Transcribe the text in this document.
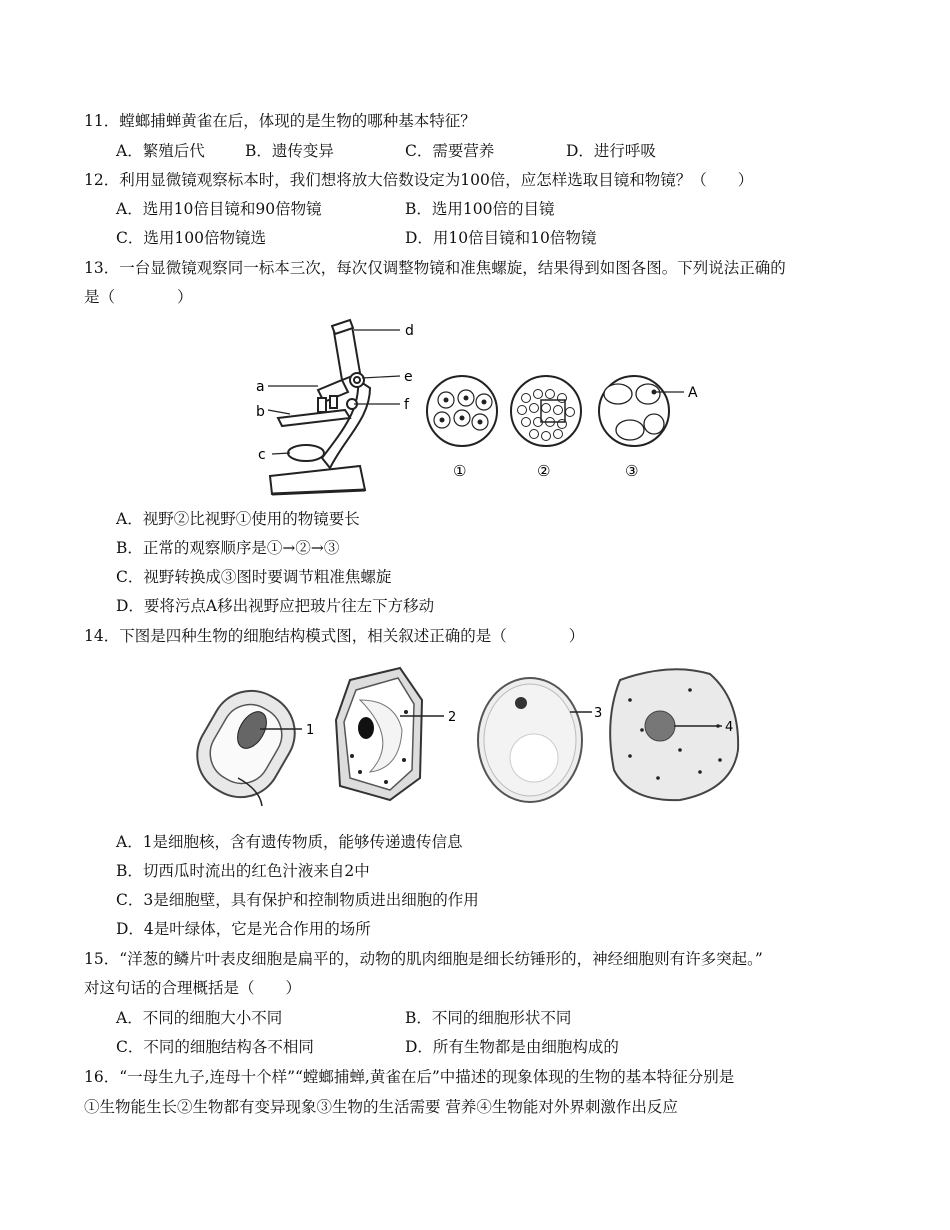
11．螳螂捕蝉黄雀在后，体现的是生物的哪种基本特征？
A．繁殖后代	B．遗传变异	C．需要营养	D．进行呼吸
12．利用显微镜观察标本时，我们想将放大倍数设定为100倍，应怎样选取目镜和物镜？（　　）
A．选用10倍目镜和90倍物镜	B．选用100倍的目镜
C．选用100倍物镜选	D．用10倍目镜和10倍物镜
13．一台显微镜观察同一标本三次，每次仅调整物镜和准焦螺旋，结果得到如图各图。下列说法正确的
是（　　　　）
d
a
b
c
e
f
①	②
A
③
A．视野②比视野①使用的物镜要长
B．正常的观察顺序是①→②→③
C．视野转换成③图时要调节粗准焦螺旋
D．要将污点A移出视野应把玻片往左下方移动
14．下图是四种生物的细胞结构模式图，相关叙述正确的是（　　　　）
1
2	3
4
A．1是细胞核，含有遗传物质，能够传递遗传信息
B．切西瓜时流出的红色汁液来自2中
C．3是细胞壁，具有保护和控制物质进出细胞的作用
D．4是叶绿体，它是光合作用的场所
15．“洋葱的鳞片叶表皮细胞是扁平的，动物的肌肉细胞是细长纺锤形的，神经细胞则有许多突起。”
对这句话的合理概括是（　　）
A．不同的细胞大小不同	B．不同的细胞形状不同
C．不同的细胞结构各不相同	D．所有生物都是由细胞构成的
16．“一母生九子,连母十个样”“螳螂捕蝉,黄雀在后”中描述的现象体现的生物的基本特征分别是
①生物能生长②生物都有变异现象③生物的生活需要 营养④生物能对外界刺激作出反应
